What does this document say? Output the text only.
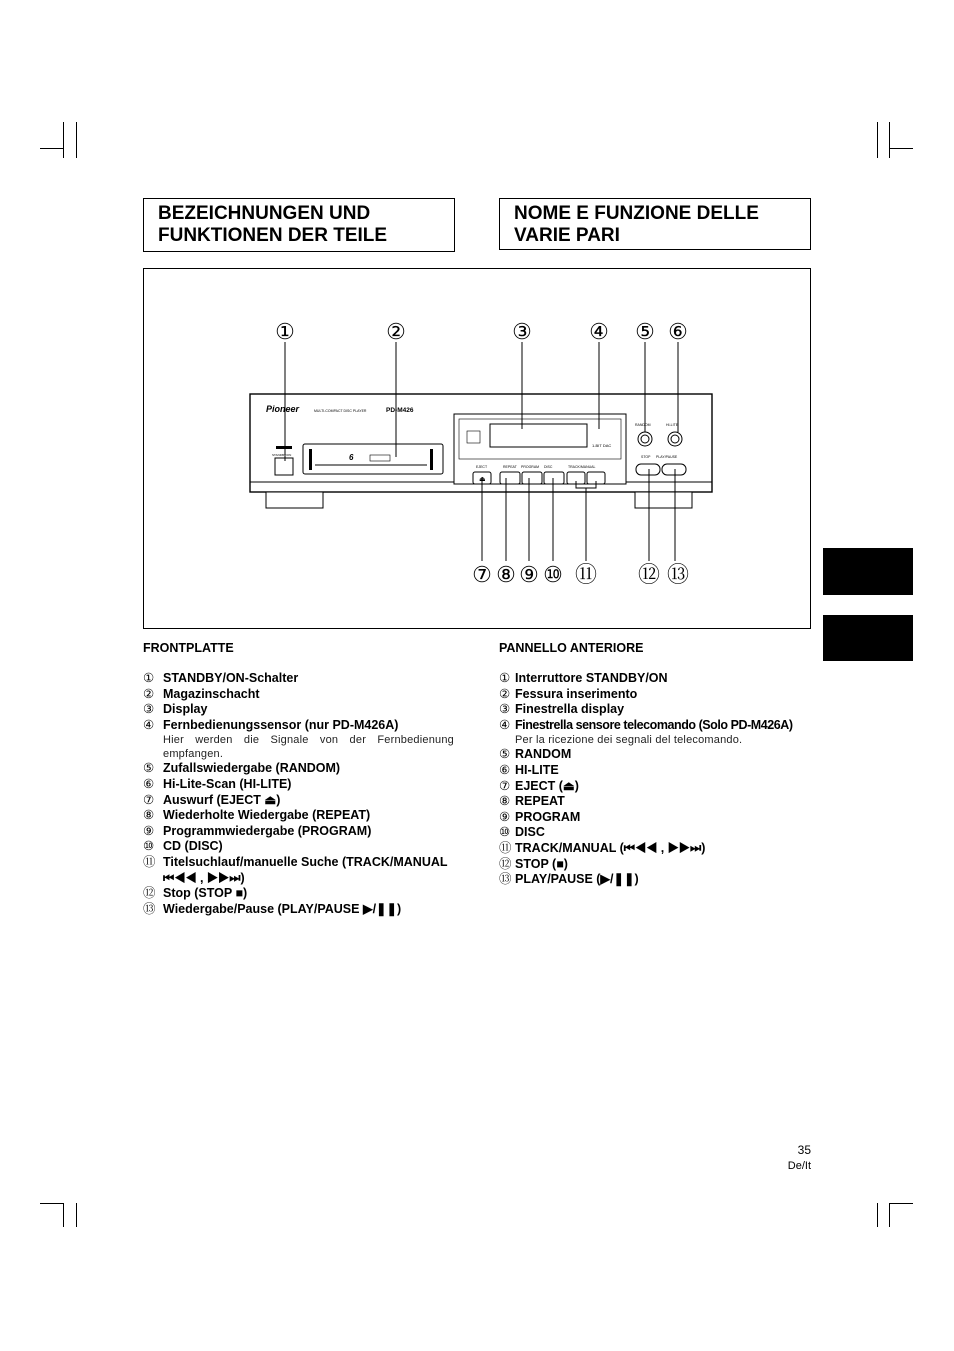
BEZEICHNUNGEN UND
FUNKTIONEN DER TEILE
NOME E FUNZIONE DELLE
VARIE PARI
Pioneer	MULTI-COMPACT DISC PLAYER	PD-M426
STANDBY/ON	6
1-BIT DAC
EJECT
⏏
REPEAT PROGRAM DISC	TRACK/MANUAL
RANDOM	HI-LITE
STOP PLAY/PAUSE
①	②	③	④ ⑤ ⑥
⑦ ⑧ ⑨ ⑩ ⑪ ⑫ ⑬
FRONTPLATTE
① STANDBY/ON-Schalter
② Magazinschacht
③ Display
④ Fernbedienungssensor (nur PD-M426A)
Hier werden die Signale von der Fernbedienung empfangen.
⑤ Zufallswiedergabe (RANDOM)
⑥ Hi-Lite-Scan (HI-LITE)
⑦ Auswurf (EJECT ⏏)
⑧ Wiederholte Wiedergabe (REPEAT)
⑨ Programmwiedergabe (PROGRAM)
⑩ CD (DISC)
⑪ Titelsuchlauf/manuelle Suche (TRACK/MANUAL
⏮◀◀ , ▶▶⏭)
⑫ Stop (STOP ■)
⑬ Wiedergabe/Pause (PLAY/PAUSE ▶/❚❚)
PANNELLO ANTERIORE
① Interruttore STANDBY/ON
② Fessura inserimento
③ Finestrella display
④ Finestrella sensore telecomando (Solo PD-M426A)
Per la ricezione dei segnali del telecomando.
⑤ RANDOM
⑥ HI-LITE
⑦ EJECT (⏏)
⑧ REPEAT
⑨ PROGRAM
⑩ DISC
⑪ TRACK/MANUAL (⏮◀◀ , ▶▶⏭)
⑫ STOP (■)
⑬ PLAY/PAUSE (▶/❚❚)
35
De/It
